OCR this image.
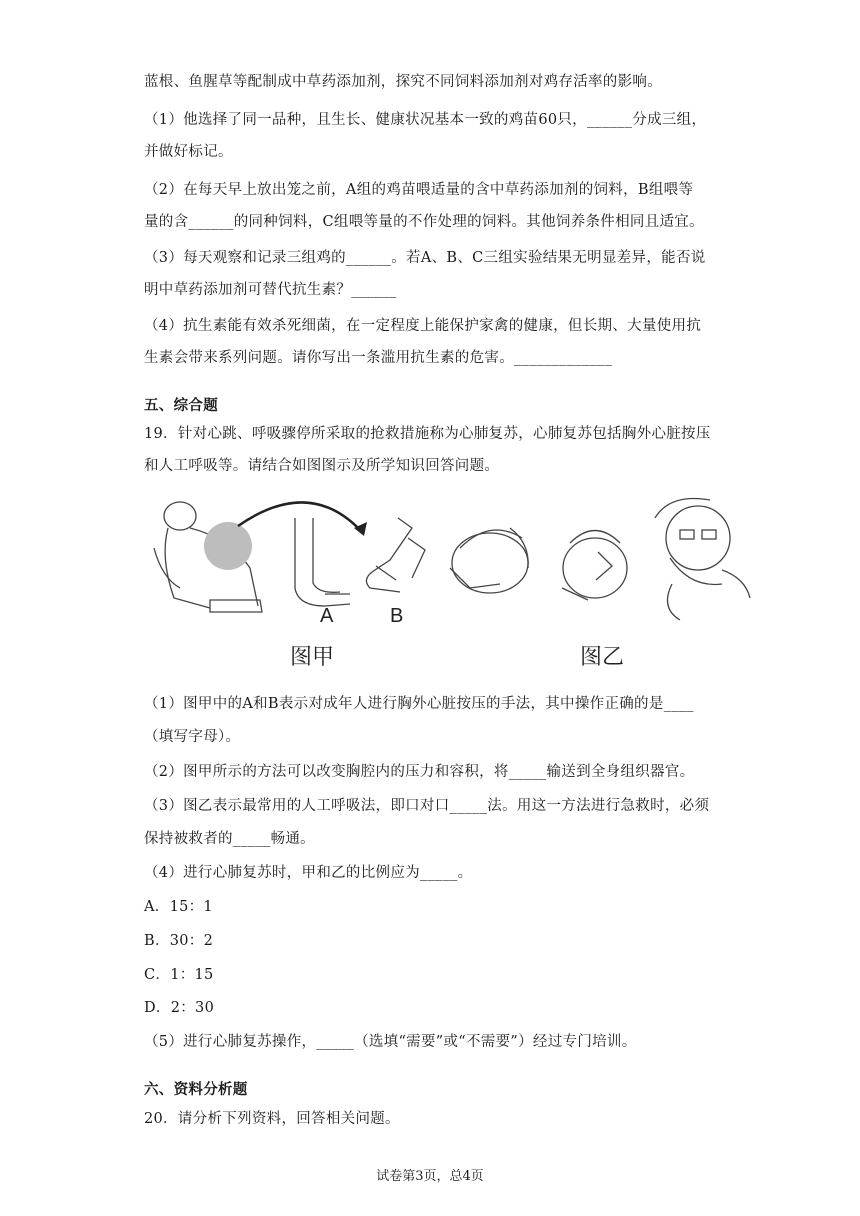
蓝根、鱼腥草等配制成中草药添加剂，探究不同饲料添加剂对鸡存活率的影响。
（1）他选择了同一品种，且生长、健康状况基本一致的鸡苗60只，______分成三组，
并做好标记。
（2）在每天早上放出笼之前，A组的鸡苗喂适量的含中草药添加剂的饲料，B组喂等
量的含______的同种饲料，C组喂等量的不作处理的饲料。其他饲养条件相同且适宜。
（3）每天观察和记录三组鸡的______。若A、B、C三组实验结果无明显差异，能否说
明中草药添加剂可替代抗生素？______
（4）抗生素能有效杀死细菌，在一定程度上能保护家禽的健康，但长期、大量使用抗
生素会带来系列问题。请你写出一条滥用抗生素的危害。_____________
五、综合题
19．针对心跳、呼吸骤停所采取的抢救措施称为心肺复苏，心肺复苏包括胸外心脏按压
和人工呼吸等。请结合如图图示及所学知识回答问题。
A	B
图甲	图乙
（1）图甲中的A和B表示对成年人进行胸外心脏按压的手法，其中操作正确的是____
（填写字母）。
（2）图甲所示的方法可以改变胸腔内的压力和容积，将_____输送到全身组织器官。
（3）图乙表示最常用的人工呼吸法，即口对口_____法。用这一方法进行急救时，必须
保持被救者的_____畅通。
（4）进行心肺复苏时，甲和乙的比例应为_____。
A．15：1
B．30：2
C．1：15
D．2：30
（5）进行心肺复苏操作，_____（选填“需要”或“不需要”）经过专门培训。
六、资料分析题
20．请分析下列资料，回答相关问题。
试卷第3页，总4页
